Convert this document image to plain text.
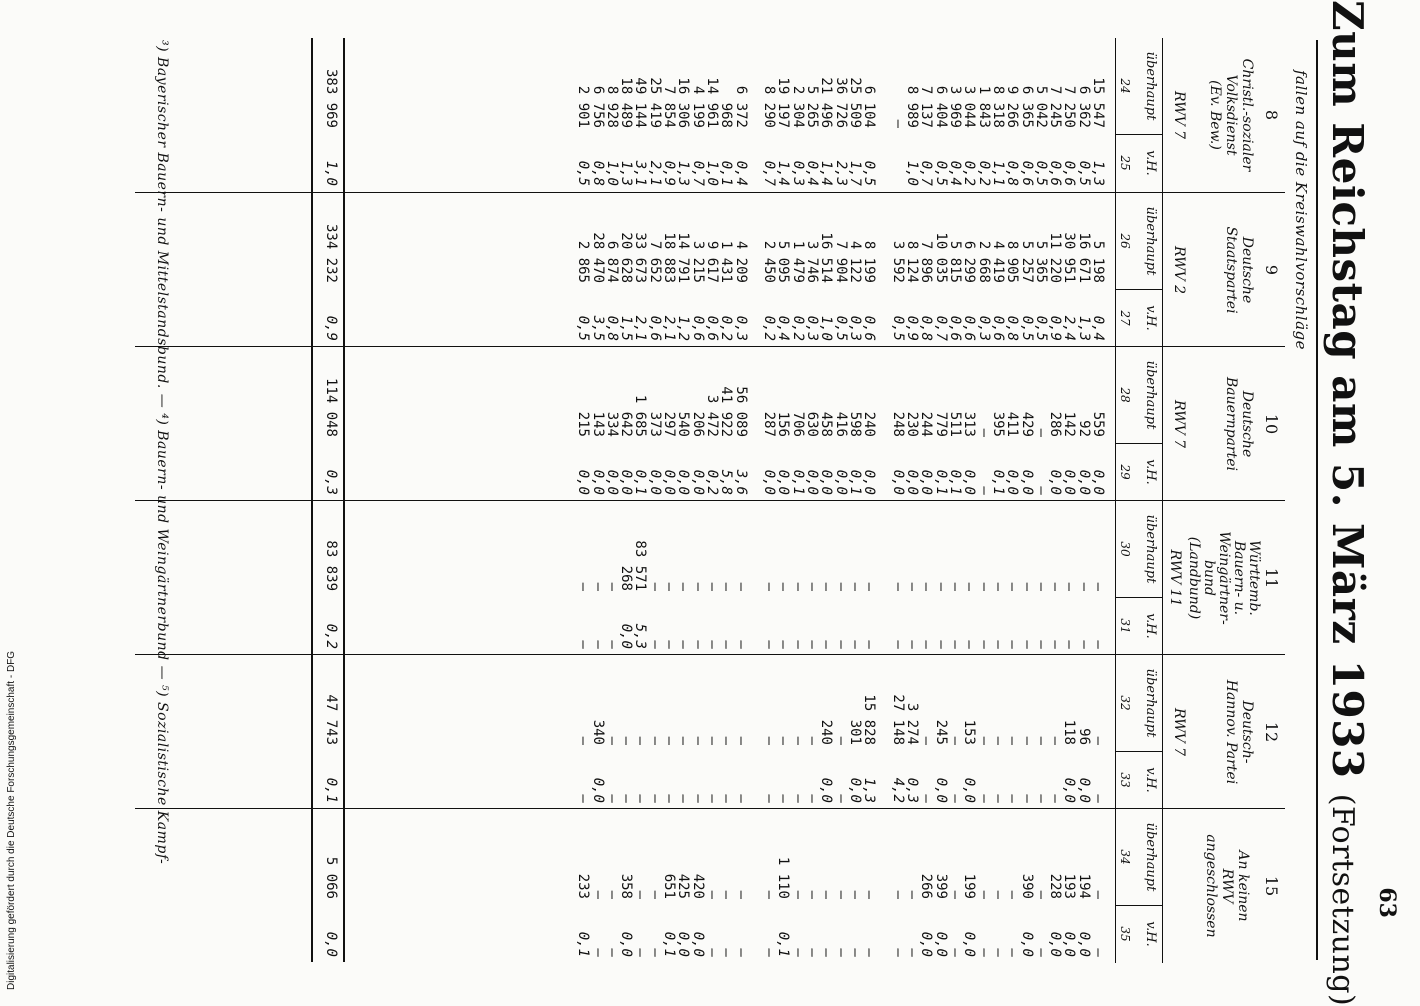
63
Zum Reichstag am 5. März 1933 (Fortsetzung)
fallen auf die Kreiswahlvorschläge
8
Christl.-sozialer
Volksdienst
(Ev. Bew.)
RWV 7
überhaupt
24
v.H.
25
15 547
6 362
7 250
7 245
5 042
6 365
9 266
8 318
1 843
3 044
3 969
6 404
7 137
8 989
—

6 104
25 509
36 726
21 496
5 265
2 304
19 197
8 290

6 372
968
14 961
4 199
16 306
7 854
25 419
49 144
18 489
8 928
6 756
2 901
1,3
0,5
0,6
0,6
0,5
0,6
0,8
1,1
0,2
0,2
0,4
0,5
0,7
1,0

0,5
1,7
2,3
1,4
0,4
0,3
1,4
0,7

0,4
0,1
1,0
0,7
1,3
0,9
2,1
3,1
1,3
1,0
0,8
0,5
383 969
1,0
9
Deutsche
Staatspartei
RWV 2
überhaupt
26
v.H.
27
5 198
16 671
30 951
11 220
5 365
5 257
8 905
4 419
2 668
6 299
5 815
10 035
7 896
8 124
3 592

8 199
4 122
7 904
16 514
3 746
1 479
5 095
2 450

4 209
1 431
9 617
3 215
14 791
18 883
7 652
33 673
20 628
6 874
28 470
2 865
0,4
1,3
2,4
0,9
0,5
0,5
0,8
0,6
0,3
0,6
0,6
0,7
0,8
0,9
0,5

0,6
0,3
0,5
1,0
0,3
0,2
0,4
0,2

0,3
0,2
0,6
0,6
1,2
2,1
0,6
2,1
1,5
0,8
3,5
0,5
334 232
0,9
10
Deutsche
Bauernpartei
RWV 7
überhaupt
28
v.H.
29
559
92
142
286
—
429
411
395
—
313
511
779
244
230
248

240
598
416
458
630
706
156
287

56 089
41 922
3 472
206
540
297
373
1 685
642
334
143
215
0,0
0,0
0,0
0,0
—
0,0
0,0
0,1
—
0,0
0,1
0,1
0,0
0,0
0,0

0,0
0,1
0,0
0,0
0,0
0,1
0,0
0,0

3,6
5,8
0,2
0,0
0,0
0,0
0,0
0,1
0,0
0,0
0,0
0,0
114 048
0,3
11
Württemb.
Bauern- u.
Weingärtner-
bund
(Landbund)
RWV 11
überhaupt
30
v.H.
31
—
—
—
—
—
—
—
—
—
—
—
—
—
—
—

—
—
—
—
—
—
—
—

—
—
—
—
—
—
—
83 571
268
—
—
—
—
—
—
—
—
—
—
—
—
—
—
—
—
—
—

—
—
—
—
—
—
—
—

—
—
—
—
—
—
—
5,3
0,0
—
—
—
83 839
0,2
12
Deutsch-
Hannov. Partei
RWV 7
überhaupt
32
v.H.
33
—
96
118
—
—
—
—
—
—
153
—
245
—
3 274
27 148

15 828
301
—
240
—
—
—
—

—
—
—
—
—
—
—
—
—
—
340
—
—
0,0
0,0
—
—
—
—
—
—
0,0
—
0,0
—
0,3
4,2

1,3
0,0
—
0,0
—
—
—
—

—
—
—
—
—
—
—
—
—
—
0,0
—
47 743
0,1
15
An keinen
RWV
angeschlossen
überhaupt
34
v.H.
35
—
194
193
228
—
390
—
—
—
199
—
399
266
—
—

—
—
—
—
—
—
1 110
—

—
—
—
420
425
651
—
—
358
—
—
233
—
0,0
0,0
0,0
—
0,0
—
—
—
0,0
—
0,0
0,0
—
—

—
—
—
—
—
—
0,1
—

—
—
—
0,0
0,0
0,1
—
—
0,0
—
—
0,1
5 066
0,0
³) Bayerischer Bauern- und Mittelstandsbund. — ⁴) Bauern- und Weingärtnerbund — ⁵) Sozialistische Kampf-
Digitalisierung gefördert durch die Deutsche Forschungsgemeinschaft - DFG
